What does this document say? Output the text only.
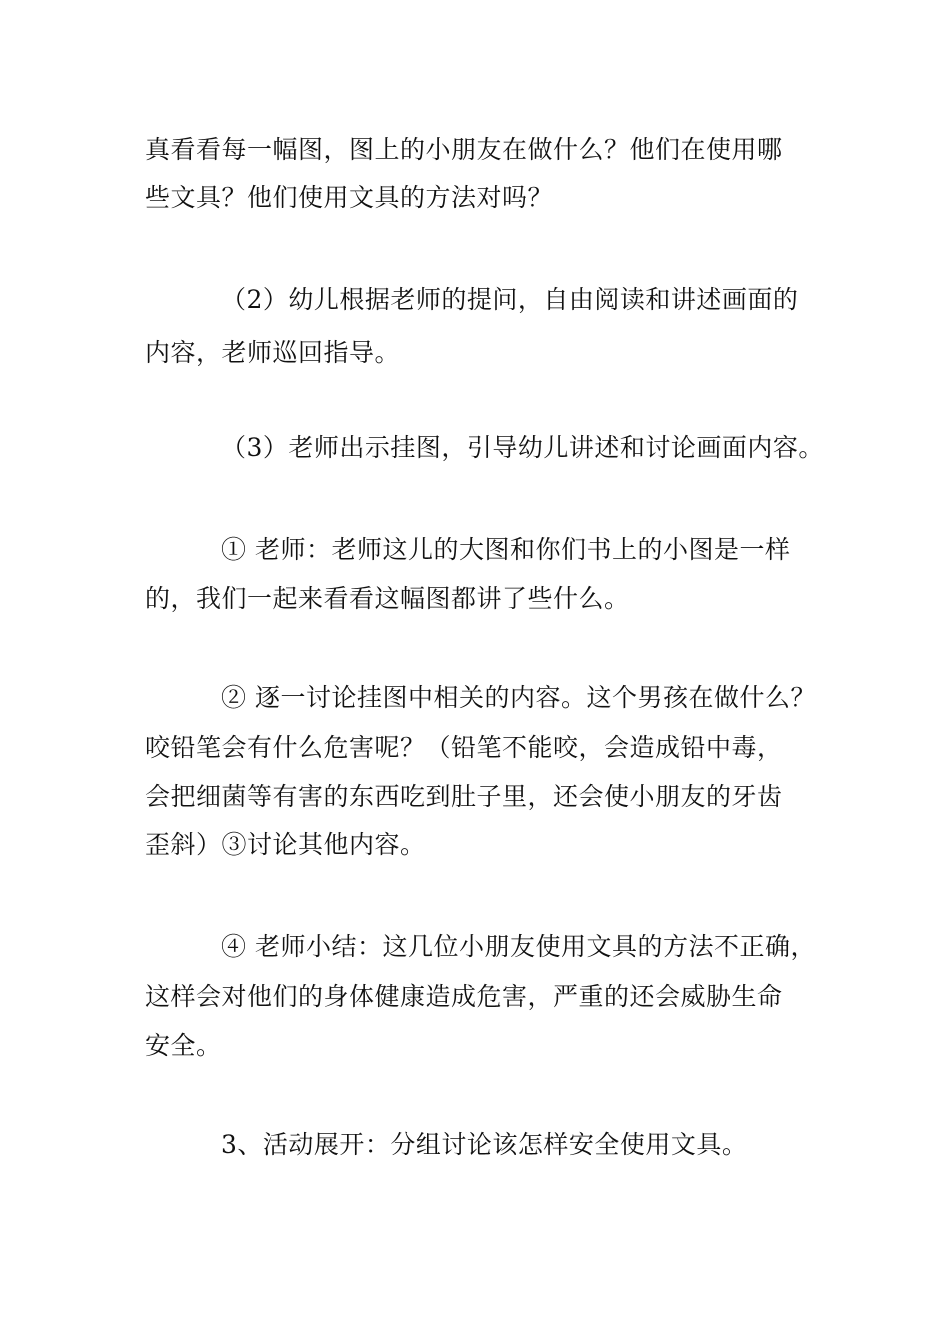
真看看每一幅图，图上的小朋友在做什么？他们在使用哪
些文具？他们使用文具的方法对吗？
（2）幼儿根据老师的提问，自由阅读和讲述画面的
内容，老师巡回指导。
（3）老师出示挂图，引导幼儿讲述和讨论画面内容。
① 老师：老师这儿的大图和你们书上的小图是一样
的，我们一起来看看这幅图都讲了些什么。
② 逐一讨论挂图中相关的内容。这个男孩在做什么？
咬铅笔会有什么危害呢？（铅笔不能咬，会造成铅中毒，
会把细菌等有害的东西吃到肚子里，还会使小朋友的牙齿
歪斜）③讨论其他内容。
④ 老师小结：这几位小朋友使用文具的方法不正确，
这样会对他们的身体健康造成危害，严重的还会威胁生命
安全。
3、活动展开：分组讨论该怎样安全使用文具。
